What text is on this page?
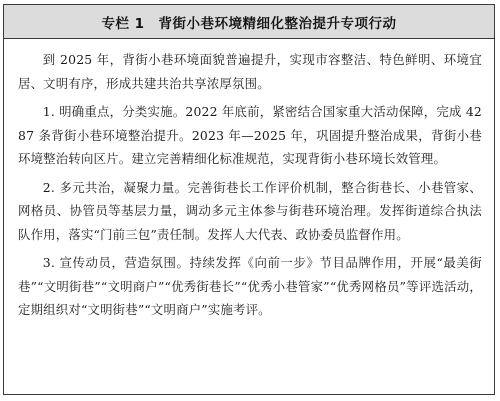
专栏 1 背街小巷环境精细化整治提升专项行动

到 2025 年，背街小巷环境面貌普遍提升，实现市容整洁、特色鲜明、环境宜居、文明有序，形成共建共治共享浓厚氛围。

1. 明确重点，分类实施。2022 年底前，紧密结合国家重大活动保障，完成 4287 条背街小巷环境整治提升。2023 年—2025 年，巩固提升整治成果，背街小巷环境整治转向区片。建立完善精细化标准规范，实现背街小巷环境长效管理。

2. 多元共治，凝聚力量。完善街巷长工作评价机制，整合街巷长、小巷管家、网格员、协管员等基层力量，调动多元主体参与街巷环境治理。发挥街道综合执法队作用，落实“门前三包”责任制。发挥人大代表、政协委员监督作用。

3. 宣传动员，营造氛围。持续发挥《向前一步》节目品牌作用，开展“最美街巷”“文明街巷”“文明商户”“优秀街巷长”“优秀小巷管家”“优秀网格员”等评选活动，定期组织对“文明街巷”“文明商户”实施考评。
